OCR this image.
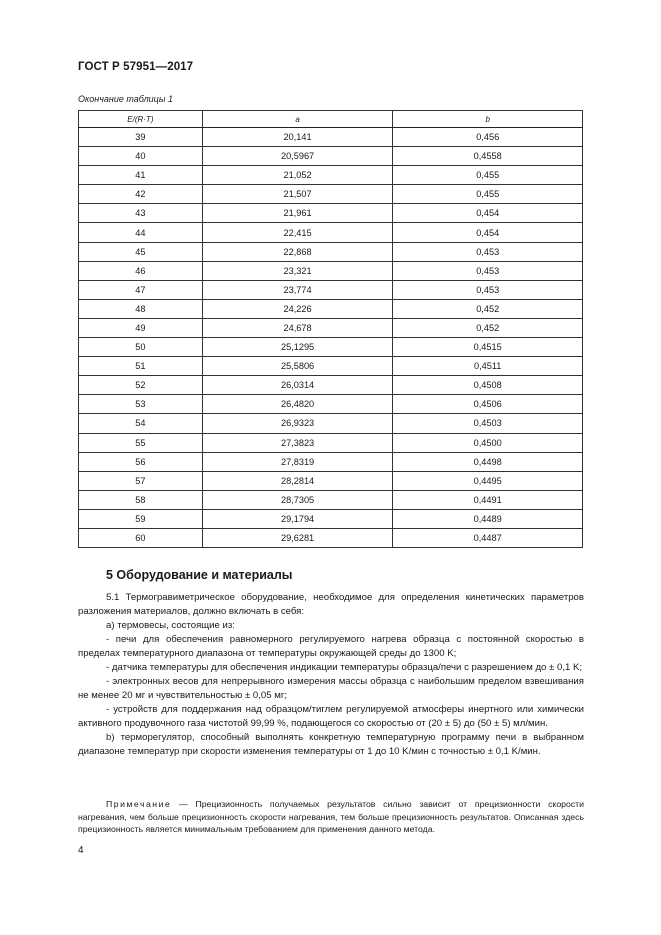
ГОСТ Р 57951—2017
Окончание таблицы 1
E/(R·T)	a	b
39	20,141	0,456
40	20,5967	0,4558
41	21,052	0,455
42	21,507	0,455
43	21,961	0,454
44	22,415	0,454
45	22,868	0,453
46	23,321	0,453
47	23,774	0,453
48	24,226	0,452
49	24,678	0,452
50	25,1295	0,4515
51	25,5806	0,4511
52	26,0314	0,4508
53	26,4820	0,4506
54	26,9323	0,4503
55	27,3823	0,4500
56	27,8319	0,4498
57	28,2814	0,4495
58	28,7305	0,4491
59	29,1794	0,4489
60	29,6281	0,4487
5 Оборудование и материалы

5.1 Термогравиметрическое оборудование, необходимое для определения кинетических параметров разложения материалов, должно включать в себя:

а) термовесы, состоящие из:

- печи для обеспечения равномерного регулируемого нагрева образца с постоянной скоростью в пределах температурного диапазона от температуры окружающей среды до 1300 K;

- датчика температуры для обеспечения индикации температуры образца/печи с разрешением до ± 0,1 K;

- электронных весов для непрерывного измерения массы образца с наибольшим пределом взвешивания не менее 20 мг и чувствительностью ± 0,05 мг;

- устройств для поддержания над образцом/тиглем регулируемой атмосферы инертного или химически активного продувочного газа чистотой 99,99 %, подающегося со скоростью от (20 ± 5) до (50 ± 5) мл/мин.

b) терморегулятор, способный выполнять конкретную температурную программу печи в выбранном диапазоне температур при скорости изменения температуры от 1 до 10 K/мин с точностью ± 0,1 K/мин.

Примечание — Прецизионность получаемых результатов сильно зависит от прецизионности скорости нагревания, чем больше прецизионность скорости нагревания, тем больше прецизионность результатов. Описанная здесь прецизионность является минимальным требованием для применения данного метода.
4
